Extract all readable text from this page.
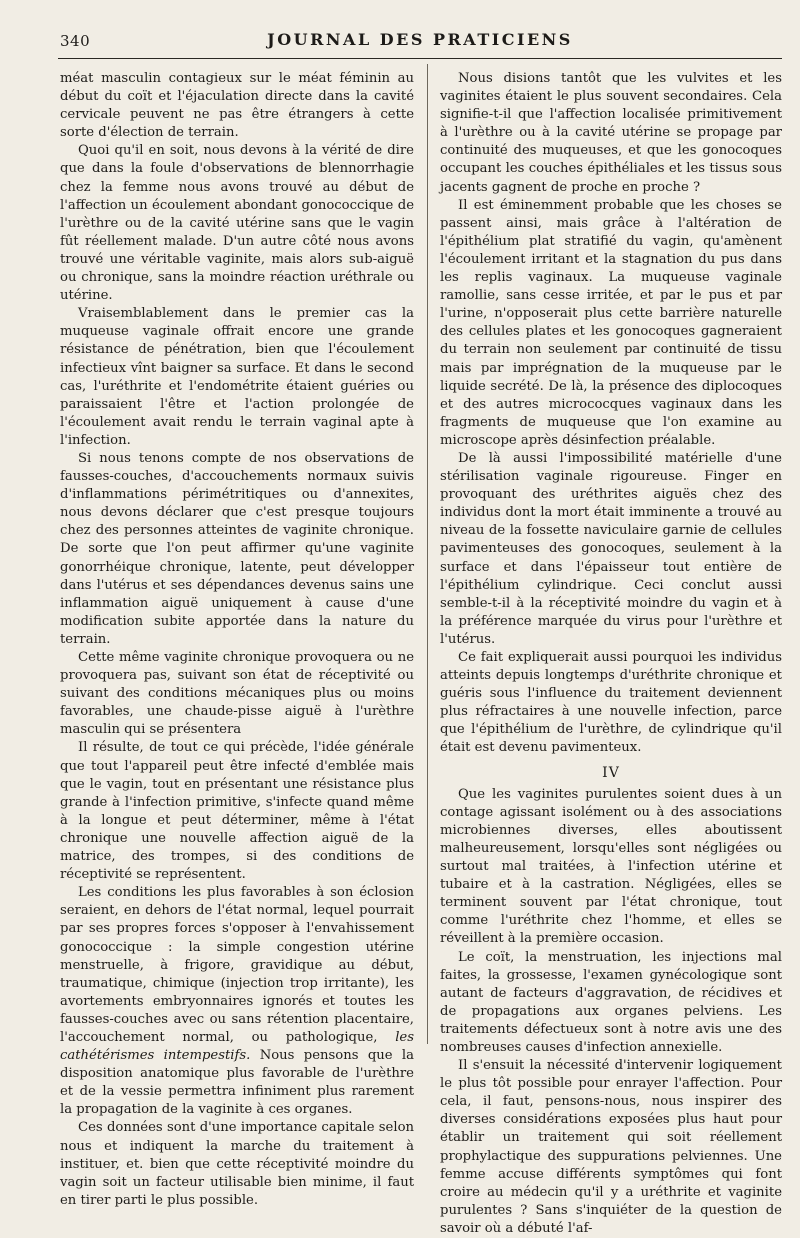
340	JOURNAL DES PRATICIENS

méat masculin contagieux sur le méat féminin au début du coït et l'éjaculation directe dans la cavité cervicale peuvent ne pas être étrangers à cette sorte d'élection de terrain.

Quoi qu'il en soit, nous devons à la vérité de dire que dans la foule d'observations de blennorrhagie chez la femme nous avons trouvé au début de l'affection un écoulement abondant gonococcique de l'urèthre ou de la cavité utérine sans que le vagin fût réellement malade. D'un autre côté nous avons trouvé une véritable vaginite, mais alors sub-aiguë ou chronique, sans la moindre réaction uréthrale ou utérine.

Vraisemblablement dans le premier cas la muqueuse vaginale offrait encore une grande résistance de pénétration, bien que l'écoulement infectieux vînt baigner sa surface. Et dans le second cas, l'uréthrite et l'endométrite étaient guéries ou paraissaient l'être et l'action prolongée de l'écoulement avait rendu le terrain vaginal apte à l'infection.

Si nous tenons compte de nos observations de fausses-couches, d'accouchements normaux suivis d'inflammations périmétritiques ou d'annexites, nous devons déclarer que c'est presque toujours chez des personnes atteintes de vaginite chronique. De sorte que l'on peut affirmer qu'une vaginite gonorrhéique chronique, latente, peut développer dans l'utérus et ses dépendances devenus sains une inflammation aiguë uniquement à cause d'une modification subite apportée dans la nature du terrain.

Cette même vaginite chronique provoquera ou ne provoquera pas, suivant son état de réceptivité ou suivant des conditions mécaniques plus ou moins favorables, une chaude-pisse aiguë à l'urèthre masculin qui se présentera

Il résulte, de tout ce qui précède, l'idée générale que tout l'appareil peut être infecté d'emblée mais que le vagin, tout en présentant une résistance plus grande à l'infection primitive, s'infecte quand même à la longue et peut déterminer, même à l'état chronique une nouvelle affection aiguë de la matrice, des trompes, si des conditions de réceptivité se représentent.

Les conditions les plus favorables à son éclosion seraient, en dehors de l'état normal, lequel pourrait par ses propres forces s'opposer à l'envahissement gonococcique : la simple congestion utérine menstruelle, à frigore, gravidique au début, traumatique, chimique (injection trop irritante), les avortements embryonnaires ignorés et toutes les fausses-couches avec ou sans rétention placentaire, l'accouchement normal, ou pathologique, les cathétérismes intempestifs. Nous pensons que la disposition anatomique plus favorable de l'urèthre et de la vessie permettra infiniment plus rarement la propagation de la vaginite à ces organes.

Ces données sont d'une importance capitale selon nous et indiquent la marche du traitement à instituer, et. bien que cette réceptivité moindre du vagin soit un facteur utilisable bien minime, il faut en tirer parti le plus possible.

Nous disions tantôt que les vulvites et les vaginites étaient le plus souvent secondaires. Cela signifie-t-il que l'affection localisée primitivement à l'urèthre ou à la cavité utérine se propage par continuité des muqueuses, et que les gonocoques occupant les couches épithéliales et les tissus sous jacents gagnent de proche en proche ?

Il est éminemment probable que les choses se passent ainsi, mais grâce à l'altération de l'épithélium plat stratifié du vagin, qu'amènent l'écoulement irritant et la stagnation du pus dans les replis vaginaux. La muqueuse vaginale ramollie, sans cesse irritée, et par le pus et par l'urine, n'opposerait plus cette barrière naturelle des cellules plates et les gonocoques gagneraient du terrain non seulement par continuité de tissu mais par imprégnation de la muqueuse par le liquide secrété. De là, la présence des diplocoques et des autres micrococques vaginaux dans les fragments de muqueuse que l'on examine au microscope après désinfection préalable.

De là aussi l'impossibilité matérielle d'une stérilisation vaginale rigoureuse. Finger en provoquant des uréthrites aiguës chez des individus dont la mort était imminente a trouvé au niveau de la fossette naviculaire garnie de cellules pavimenteuses des gonocoques, seulement à la surface et dans l'épaisseur tout entière de l'épithélium cylindrique. Ceci conclut aussi semble-t-il à la réceptivité moindre du vagin et à la préférence marquée du virus pour l'urèthre et l'utérus.

Ce fait expliquerait aussi pourquoi les individus atteints depuis longtemps d'uréthrite chronique et guéris sous l'influence du traitement deviennent plus réfractaires à une nouvelle infection, parce que l'épithélium de l'urèthre, de cylindrique qu'il était est devenu pavimenteux.

IV

Que les vaginites purulentes soient dues à un contage agissant isolément ou à des associations microbiennes diverses, elles aboutissent malheureusement, lorsqu'elles sont négligées ou surtout mal traitées, à l'infection utérine et tubaire et à la castration. Négligées, elles se terminent souvent par l'état chronique, tout comme l'uréthrite chez l'homme, et elles se réveillent à la première occasion.

Le coït, la menstruation, les injections mal faites, la grossesse, l'examen gynécologique sont autant de facteurs d'aggravation, de récidives et de propagations aux organes pelviens. Les traitements défectueux sont à notre avis une des nombreuses causes d'infection annexielle.

Il s'ensuit la nécessité d'intervenir logiquement le plus tôt possible pour enrayer l'affection. Pour cela, il faut, pensons-nous, nous inspirer des diverses considérations exposées plus haut pour établir un traitement qui soit réellement prophylactique des suppurations pelviennes. Une femme accuse différents symptômes qui font croire au médecin qu'il y a uréthrite et vaginite purulentes ? Sans s'inquiéter de la question de savoir où a débuté l'af-
